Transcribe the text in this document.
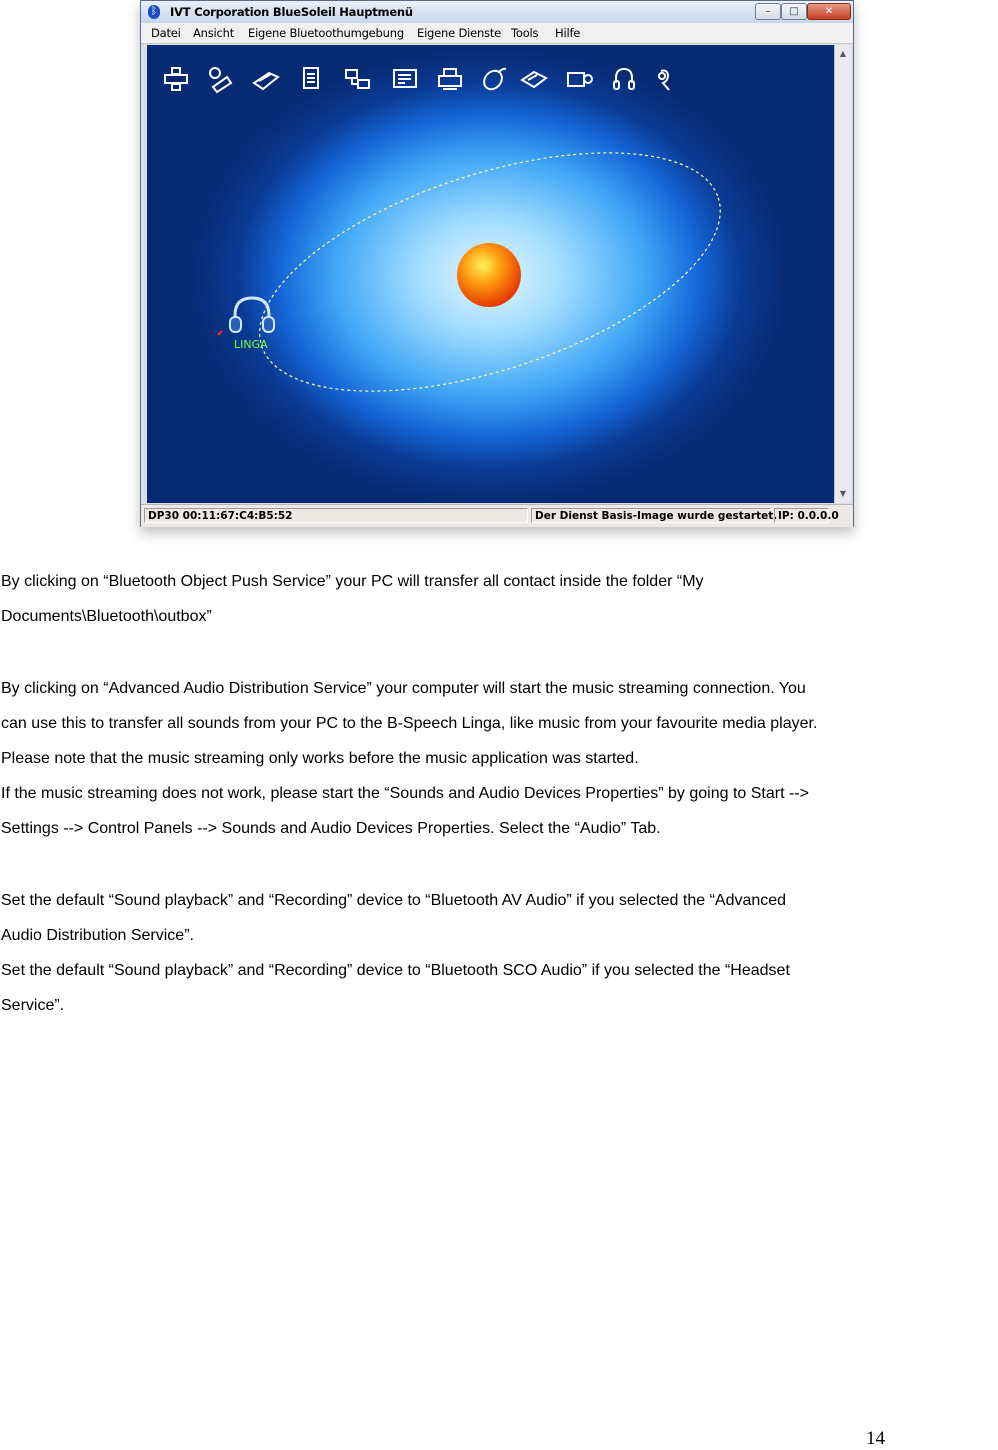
ᛒ IVT Corporation BlueSoleil Hauptmenü	–	□	✕
Datei Ansicht Eigene Bluetoothumgebung Eigene Dienste Tools Hilfe
LINGA
▲
▼
DP30 00:11:67:C4:B5:52	Der Dienst Basis-Image wurde gestartet. IP: 0.0.0.0
By clicking on “Bluetooth Object Push Service” your PC will transfer all contact inside the folder “My
Documents\Bluetooth\outbox”
By clicking on “Advanced Audio Distribution Service” your computer will start the music streaming connection. You
can use this to transfer all sounds from your PC to the B-Speech Linga, like music from your favourite media player.
Please note that the music streaming only works before the music application was started.
If the music streaming does not work, please start the “Sounds and Audio Devices Properties” by going to Start -->
Settings --> Control Panels --> Sounds and Audio Devices Properties. Select the “Audio” Tab.
Set the default “Sound playback” and “Recording” device to “Bluetooth AV Audio” if you selected the “Advanced
Audio Distribution Service”.
Set the default “Sound playback” and “Recording” device to “Bluetooth SCO Audio” if you selected the “Headset
Service”.
14
